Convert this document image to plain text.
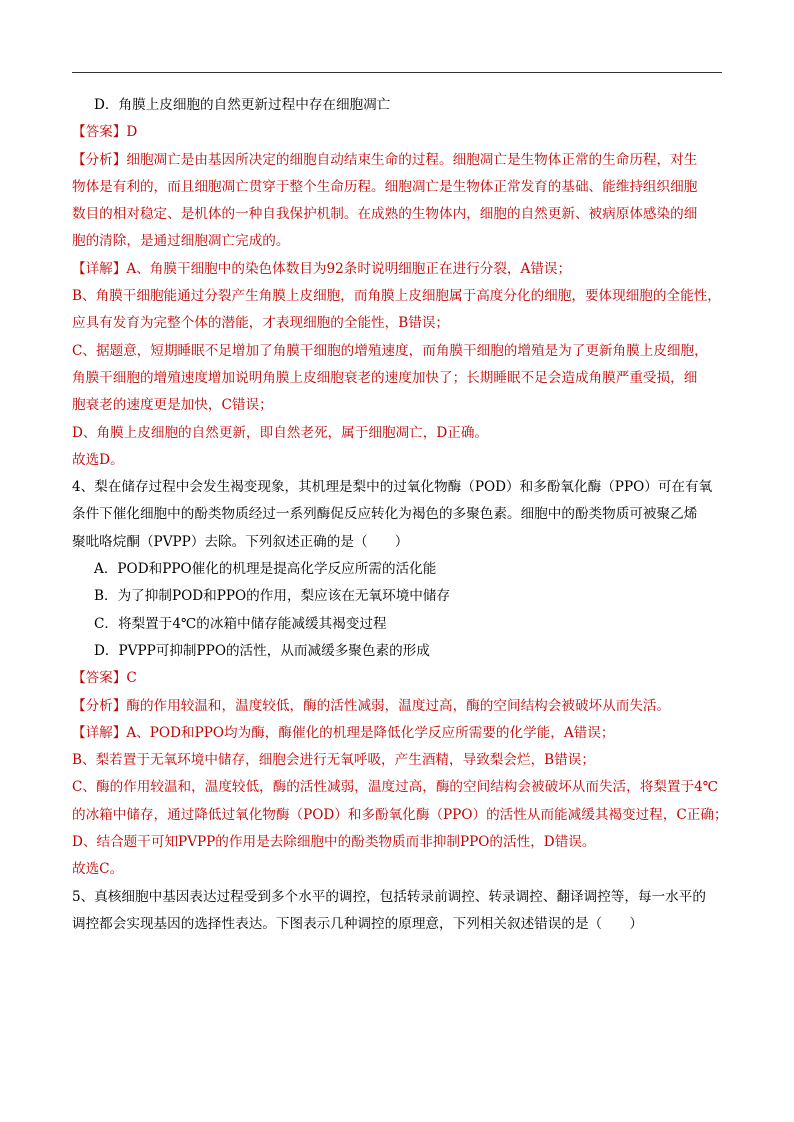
D．角膜上皮细胞的自然更新过程中存在细胞凋亡
【答案】D
【分析】细胞凋亡是由基因所决定的细胞自动结束生命的过程。细胞凋亡是生物体正常的生命历程，对生
物体是有利的，而且细胞凋亡贯穿于整个生命历程。细胞凋亡是生物体正常发育的基础、能维持组织细胞
数目的相对稳定、是机体的一种自我保护机制。在成熟的生物体内，细胞的自然更新、被病原体感染的细
胞的清除，是通过细胞凋亡完成的。
【详解】A、角膜干细胞中的染色体数目为92条时说明细胞正在进行分裂，A错误；
B、角膜干细胞能通过分裂产生角膜上皮细胞，而角膜上皮细胞属于高度分化的细胞，要体现细胞的全能性，
应具有发育为完整个体的潜能，才表现细胞的全能性，B错误；
C、据题意，短期睡眠不足增加了角膜干细胞的增殖速度，而角膜干细胞的增殖是为了更新角膜上皮细胞，
角膜干细胞的增殖速度增加说明角膜上皮细胞衰老的速度加快了；长期睡眠不足会造成角膜严重受损，细
胞衰老的速度更是加快，C错误；
D、角膜上皮细胞的自然更新，即自然老死，属于细胞凋亡，D正确。
故选D。
4、梨在储存过程中会发生褐变现象，其机理是梨中的过氧化物酶（POD）和多酚氧化酶（PPO）可在有氧
条件下催化细胞中的酚类物质经过一系列酶促反应转化为褐色的多聚色素。细胞中的酚类物质可被聚乙烯
聚吡咯烷酮（PVPP）去除。下列叙述正确的是（　　）
A．POD和PPO催化的机理是提高化学反应所需的活化能
B．为了抑制POD和PPO的作用，梨应该在无氧环境中储存
C．将梨置于4℃的冰箱中储存能减缓其褐变过程
D．PVPP可抑制PPO的活性，从而减缓多聚色素的形成
【答案】C
【分析】酶的作用较温和，温度较低，酶的活性减弱，温度过高，酶的空间结构会被破坏从而失活。
【详解】A、POD和PPO均为酶，酶催化的机理是降低化学反应所需要的化学能，A错误；
B、梨若置于无氧环境中储存，细胞会进行无氧呼吸，产生酒精，导致梨会烂，B错误；
C、酶的作用较温和，温度较低，酶的活性减弱，温度过高，酶的空间结构会被破坏从而失活，将梨置于4℃
的冰箱中储存，通过降低过氧化物酶（POD）和多酚氧化酶（PPO）的活性从而能减缓其褐变过程，C正确；
D、结合题干可知PVPP的作用是去除细胞中的酚类物质而非抑制PPO的活性，D错误。
故选C。
5、真核细胞中基因表达过程受到多个水平的调控，包括转录前调控、转录调控、翻译调控等，每一水平的
调控都会实现基因的选择性表达。下图表示几种调控的原理意，下列相关叙述错误的是（　　）
